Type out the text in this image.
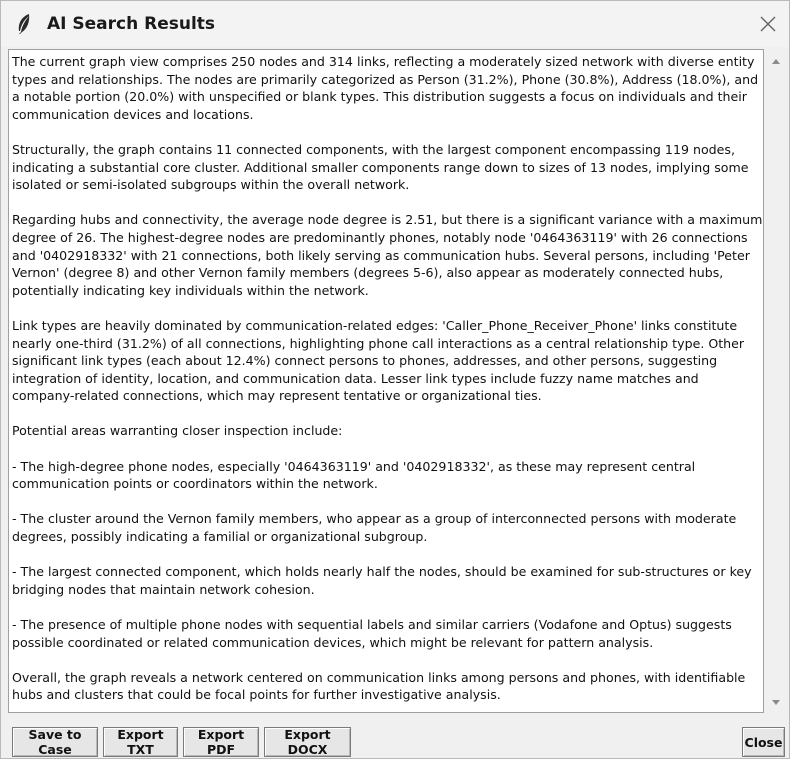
AI Search Results

The current graph view comprises 250 nodes and 314 links, reflecting a moderately sized network with diverse entity types and relationships. The nodes are primarily categorized as Person (31.2%), Phone (30.8%), Address (18.0%), and a notable portion (20.0%) with unspecified or blank types. This distribution suggests a focus on individuals and their communication devices and locations.

Structurally, the graph contains 11 connected components, with the largest component encompassing 119 nodes, indicating a substantial core cluster. Additional smaller components range down to sizes of 13 nodes, implying some isolated or semi-isolated subgroups within the overall network.

Regarding hubs and connectivity, the average node degree is 2.51, but there is a significant variance with a maximum degree of 26. The highest-degree nodes are predominantly phones, notably node '0464363119' with 26 connections and '0402918332' with 21 connections, both likely serving as communication hubs. Several persons, including 'Peter Vernon' (degree 8) and other Vernon family members (degrees 5-6), also appear as moderately connected hubs, potentially indicating key individuals within the network.

Link types are heavily dominated by communication-related edges: 'Caller_Phone_Receiver_Phone' links constitute nearly one-third (31.2%) of all connections, highlighting phone call interactions as a central relationship type. Other significant link types (each about 12.4%) connect persons to phones, addresses, and other persons, suggesting integration of identity, location, and communication data. Lesser link types include fuzzy name matches and company-related connections, which may represent tentative or organizational ties.

Potential areas warranting closer inspection include:

- The high-degree phone nodes, especially '0464363119' and '0402918332', as these may represent central communication points or coordinators within the network.

- The cluster around the Vernon family members, who appear as a group of interconnected persons with moderate degrees, possibly indicating a familial or organizational subgroup.

- The largest connected component, which holds nearly half the nodes, should be examined for sub-structures or key bridging nodes that maintain network cohesion.

- The presence of multiple phone nodes with sequential labels and similar carriers (Vodafone and Optus) suggests possible coordinated or related communication devices, which might be relevant for pattern analysis.

Overall, the graph reveals a network centered on communication links among persons and phones, with identifiable hubs and clusters that could be focal points for further investigative analysis.

Save to Case
Export TXT
Export PDF
Export DOCX	Close
